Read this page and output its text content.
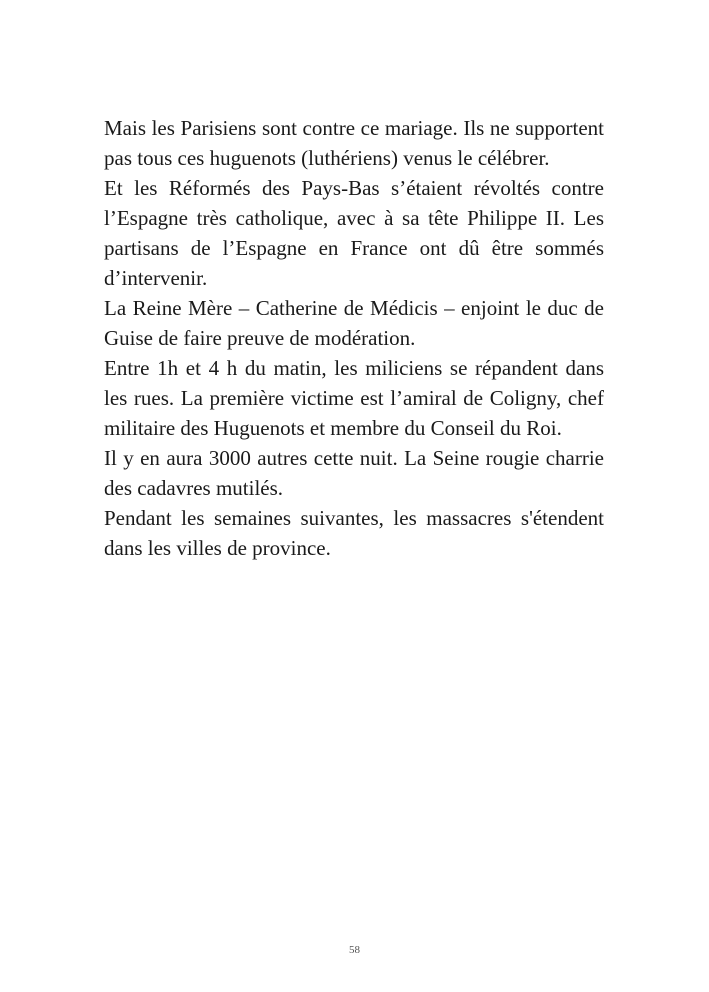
Mais les Parisiens sont contre ce mariage. Ils ne supportent pas tous ces huguenots (luthériens) venus le célébrer.

Et les Réformés des Pays-Bas s’étaient révoltés contre l’Espagne très catholique, avec à sa tête Philippe II. Les partisans de l’Espagne en France ont dû être sommés d’intervenir.

La Reine Mère – Catherine de Médicis – enjoint le duc de Guise de faire preuve de modération.

Entre 1h et 4 h du matin, les miliciens se répandent dans les rues. La première victime est l’amiral de Coligny, chef militaire des Huguenots et membre du Conseil du Roi.

Il y en aura 3000 autres cette nuit. La Seine rougie charrie des cadavres mutilés.

Pendant les semaines suivantes, les massacres s'étendent dans les villes de province.

58
